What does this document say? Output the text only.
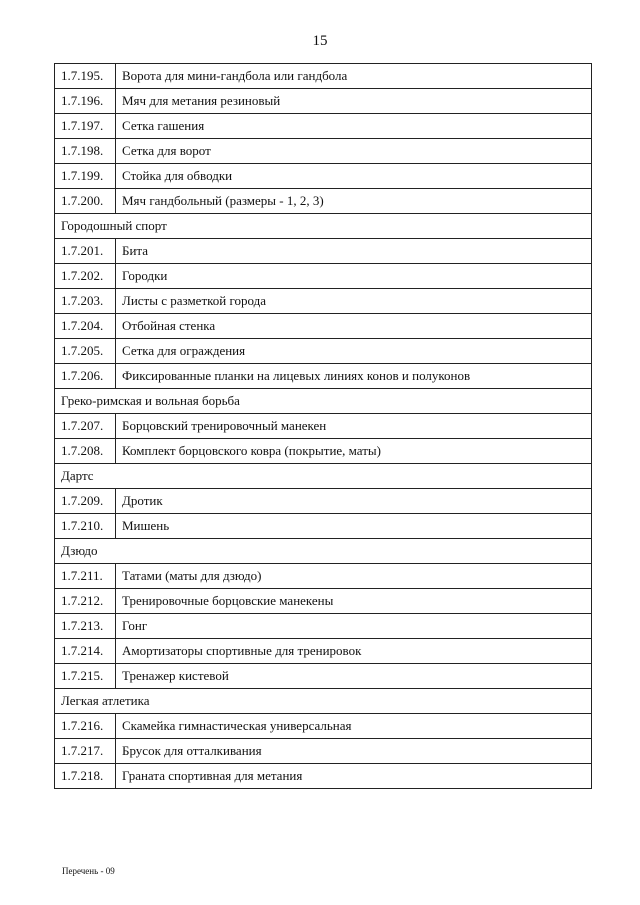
15
1.7.195.	Ворота для мини-гандбола или гандбола
1.7.196.	Мяч для метания резиновый
1.7.197.	Сетка гашения
1.7.198.	Сетка для ворот
1.7.199.	Стойка для обводки
1.7.200.	Мяч гандбольный (размеры - 1, 2, 3)
Городошный спорт	
1.7.201.	Бита
1.7.202.	Городки
1.7.203.	Листы с разметкой города
1.7.204.	Отбойная стенка
1.7.205.	Сетка для ограждения
1.7.206.	Фиксированные планки на лицевых линиях конов и полуконов
Греко-римская и вольная борьба	
1.7.207.	Борцовский тренировочный манекен
1.7.208.	Комплект борцовского ковра (покрытие, маты)
Дартс	
1.7.209.	Дротик
1.7.210.	Мишень
Дзюдо	
1.7.211.	Татами (маты для дзюдо)
1.7.212.	Тренировочные борцовские манекены
1.7.213.	Гонг
1.7.214.	Амортизаторы спортивные для тренировок
1.7.215.	Тренажер кистевой
Легкая атлетика	
1.7.216.	Скамейка гимнастическая универсальная
1.7.217.	Брусок для отталкивания
1.7.218.	Граната спортивная для метания
Перечень - 09
